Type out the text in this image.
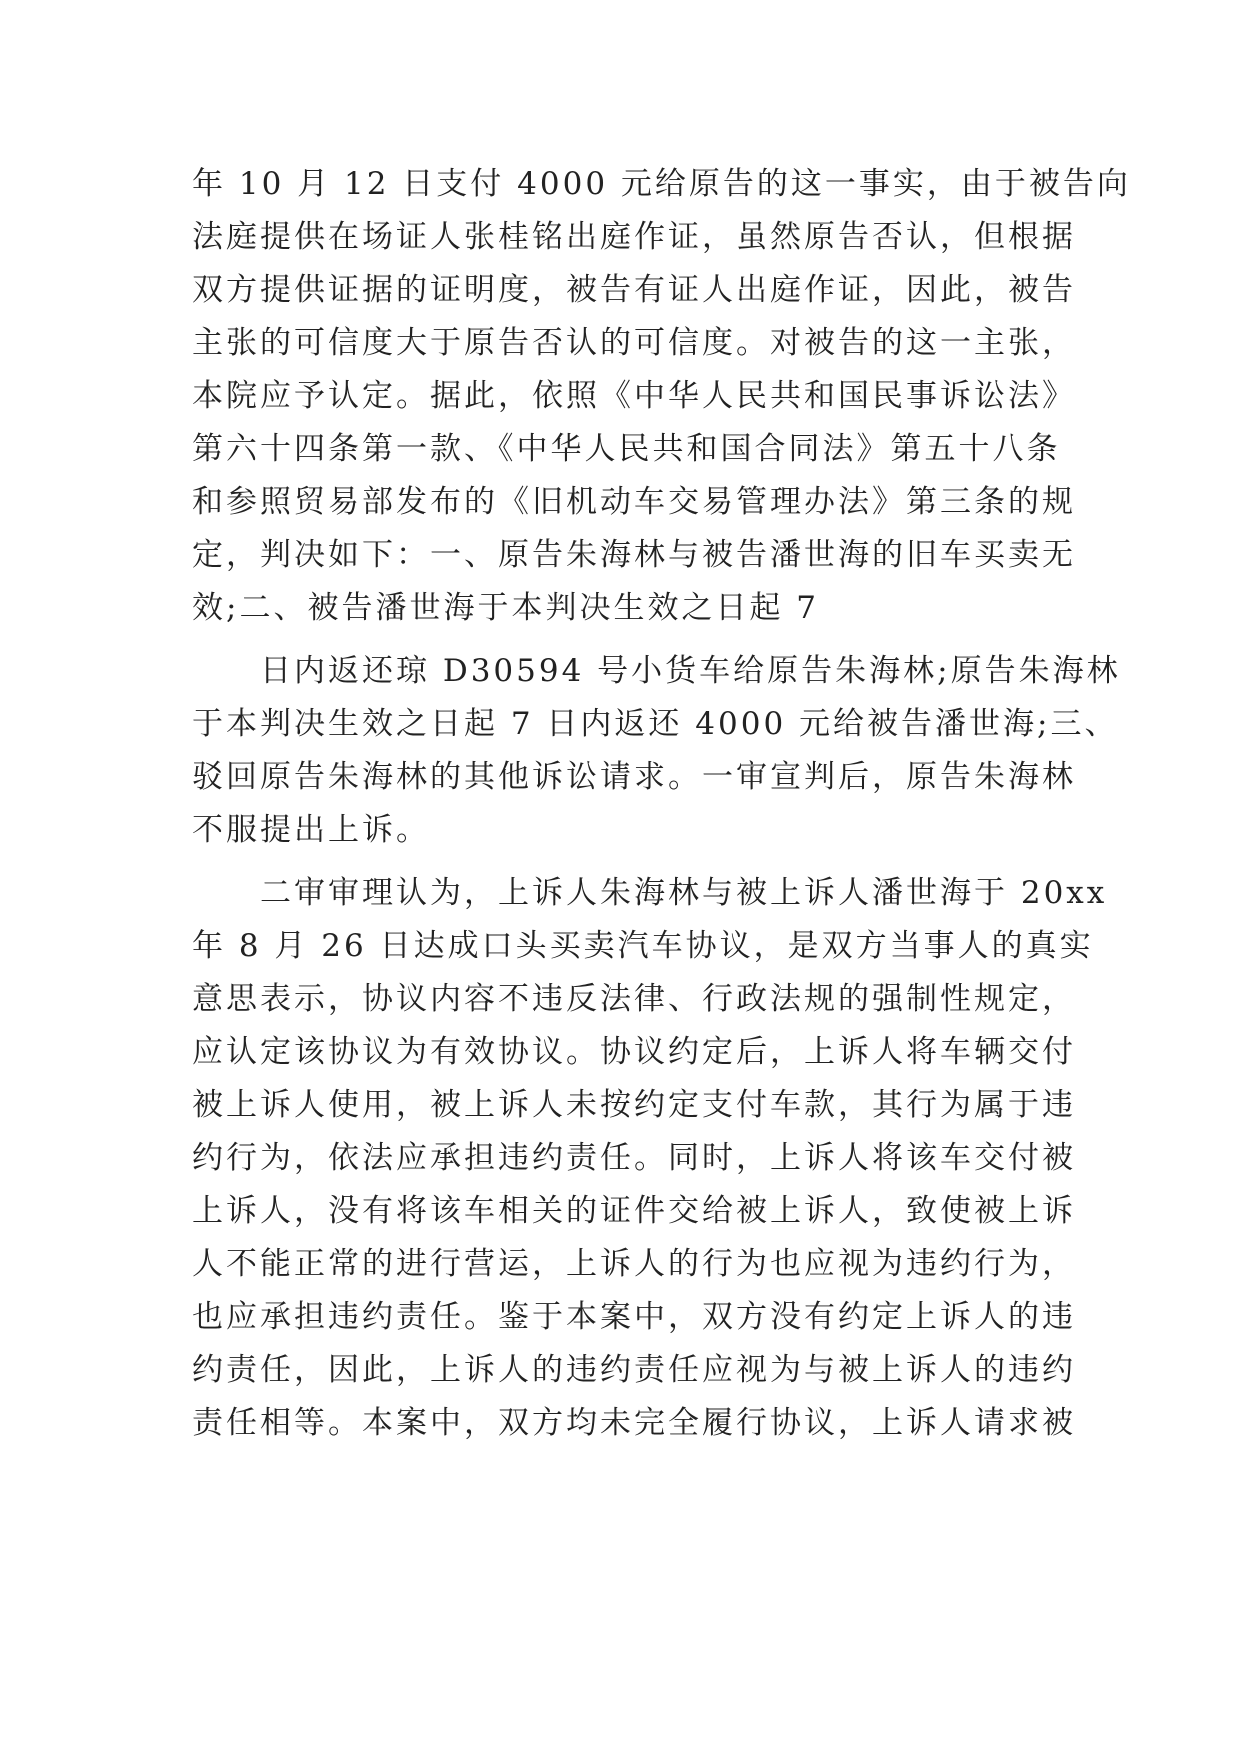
年 10 月 12 日支付 4000 元给原告的这一事实，由于被告向
法庭提供在场证人张桂铭出庭作证，虽然原告否认，但根据
双方提供证据的证明度，被告有证人出庭作证，因此，被告
主张的可信度大于原告否认的可信度。对被告的这一主张，
本院应予认定。据此，依照《中华人民共和国民事诉讼法》
第六十四条第一款、《中华人民共和国合同法》第五十八条
和参照贸易部发布的《旧机动车交易管理办法》第三条的规
定，判决如下：一、原告朱海林与被告潘世海的旧车买卖无
效;二、被告潘世海于本判决生效之日起 7
　　日内返还琼 D30594 号小货车给原告朱海林;原告朱海林
于本判决生效之日起 7 日内返还 4000 元给被告潘世海;三、
驳回原告朱海林的其他诉讼请求。一审宣判后，原告朱海林
不服提出上诉。
　　二审审理认为，上诉人朱海林与被上诉人潘世海于 20xx
年 8 月 26 日达成口头买卖汽车协议，是双方当事人的真实
意思表示，协议内容不违反法律、行政法规的强制性规定，
应认定该协议为有效协议。协议约定后，上诉人将车辆交付
被上诉人使用，被上诉人未按约定支付车款，其行为属于违
约行为，依法应承担违约责任。同时，上诉人将该车交付被
上诉人，没有将该车相关的证件交给被上诉人，致使被上诉
人不能正常的进行营运，上诉人的行为也应视为违约行为，
也应承担违约责任。鉴于本案中，双方没有约定上诉人的违
约责任，因此，上诉人的违约责任应视为与被上诉人的违约
责任相等。本案中，双方均未完全履行协议，上诉人请求被
